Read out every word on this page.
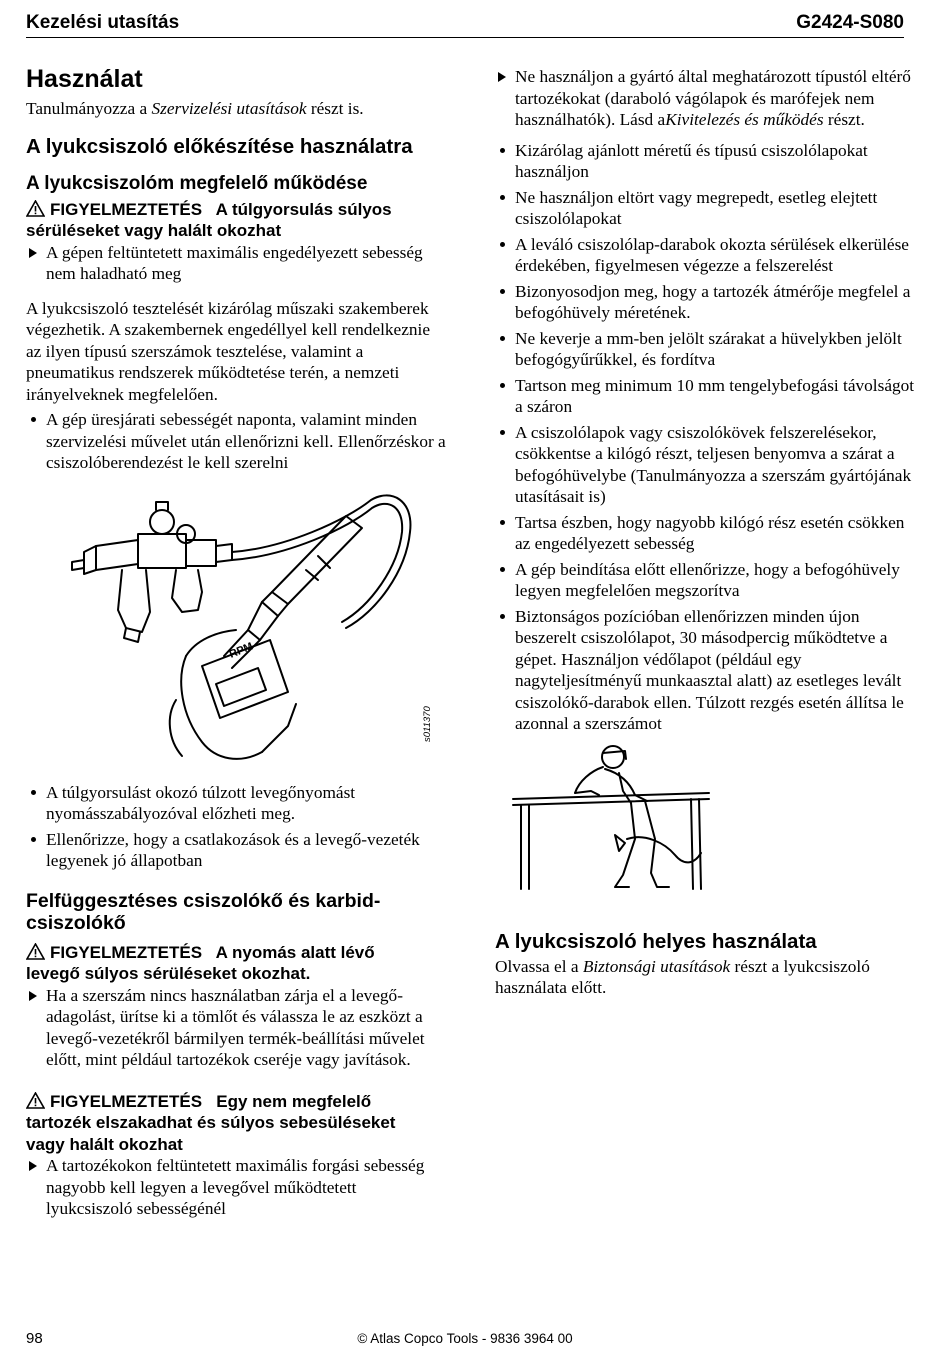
Kezelési utasítás	G2424-S080
Használat

Tanulmányozza a Szervizelési utasítások részt is.

A lyukcsiszoló előkészítése használatra
A lyukcsiszolóm megfelelő működése

FIGYELMEZTETÉS A túlgyorsulás súlyos
sérüléseket vagy halált okozhat

A gépen feltüntetett maximális engedélyezett sebesség nem haladható meg

A lyukcsiszoló tesztelését kizárólag műszaki szakemberek végezhetik. A szakembernek engedéllyel kell rendelkeznie az ilyen típusú szerszámok tesztelése, valamint a pneumatikus rendszerek működtetése terén, a nemzeti irányelveknek megfelelően.

A gép üresjárati sebességét naponta, valamint minden szervizelési művelet után ellenőrizni kell. Ellenőrzéskor a csiszolóberendezést le kell szerelni

RPM
s011370

A túlgyorsulást okozó túlzott levegőnyomást nyomásszabályozóval előzheti meg.

Ellenőrizze, hogy a csatlakozások és a levegő-vezeték legyenek jó állapotban

Felfüggesztéses csiszolókő és karbid-
csiszolókő

FIGYELMEZTETÉS A nyomás alatt lévő
levegő súlyos sérüléseket okozhat.

Ha a szerszám nincs használatban zárja el a levegő-adagolást, ürítse ki a tömlőt és válassza le az eszközt a levegő-vezetékről bármilyen termék-beállítási művelet előtt, mint például tartozékok cseréje vagy javítások.

FIGYELMEZTETÉS Egy nem megfelelő
tartozék elszakadhat és súlyos sebesüléseket
vagy halált okozhat

A tartozékokon feltüntetett maximális forgási sebesség nagyobb kell legyen a levegővel működtetett lyukcsiszoló sebességénél

Ne használjon a gyártó által meghatározott típustól eltérő tartozékokat (daraboló vágólapok és marófejek nem használhatók). Lásd aKivitelezés és működés részt.

Kizárólag ajánlott méretű és típusú csiszolólapokat használjon

Ne használjon eltört vagy megrepedt, esetleg elejtett csiszolólapokat

A leváló csiszolólap-darabok okozta sérülések elkerülése érdekében, figyelmesen végezze a felszerelést

Bizonyosodjon meg, hogy a tartozék átmérője megfelel a befogóhüvely méretének.

Ne keverje a mm-ben jelölt szárakat a hüvelykben jelölt befogógyűrűkkel, és fordítva

Tartson meg minimum 10 mm tengelybefogási távolságot a száron

A csiszolólapok vagy csiszolókövek felszerelésekor, csökkentse a kilógó részt, teljesen benyomva a szárat a befogóhüvelybe (Tanulmányozza a szerszám gyártójának utasításait is)

Tartsa észben, hogy nagyobb kilógó rész esetén csökken az engedélyezett sebesség

A gép beindítása előtt ellenőrizze, hogy a befogóhüvely legyen megfelelően megszorítva

Biztonságos pozícióban ellenőrizzen minden újon beszerelt csiszolólapot, 30 másodpercig működtetve a gépet. Használjon védőlapot (például egy nagyteljesítményű munkaasztal alatt) az esetleges levált csiszolókő-darabok ellen. Túlzott rezgés esetén állítsa le azonnal a szerszámot

A lyukcsiszoló helyes használata

Olvassa el a Biztonsági utasítások részt a lyukcsiszoló használata előtt.

98	© Atlas Copco Tools - 9836 3964 00
